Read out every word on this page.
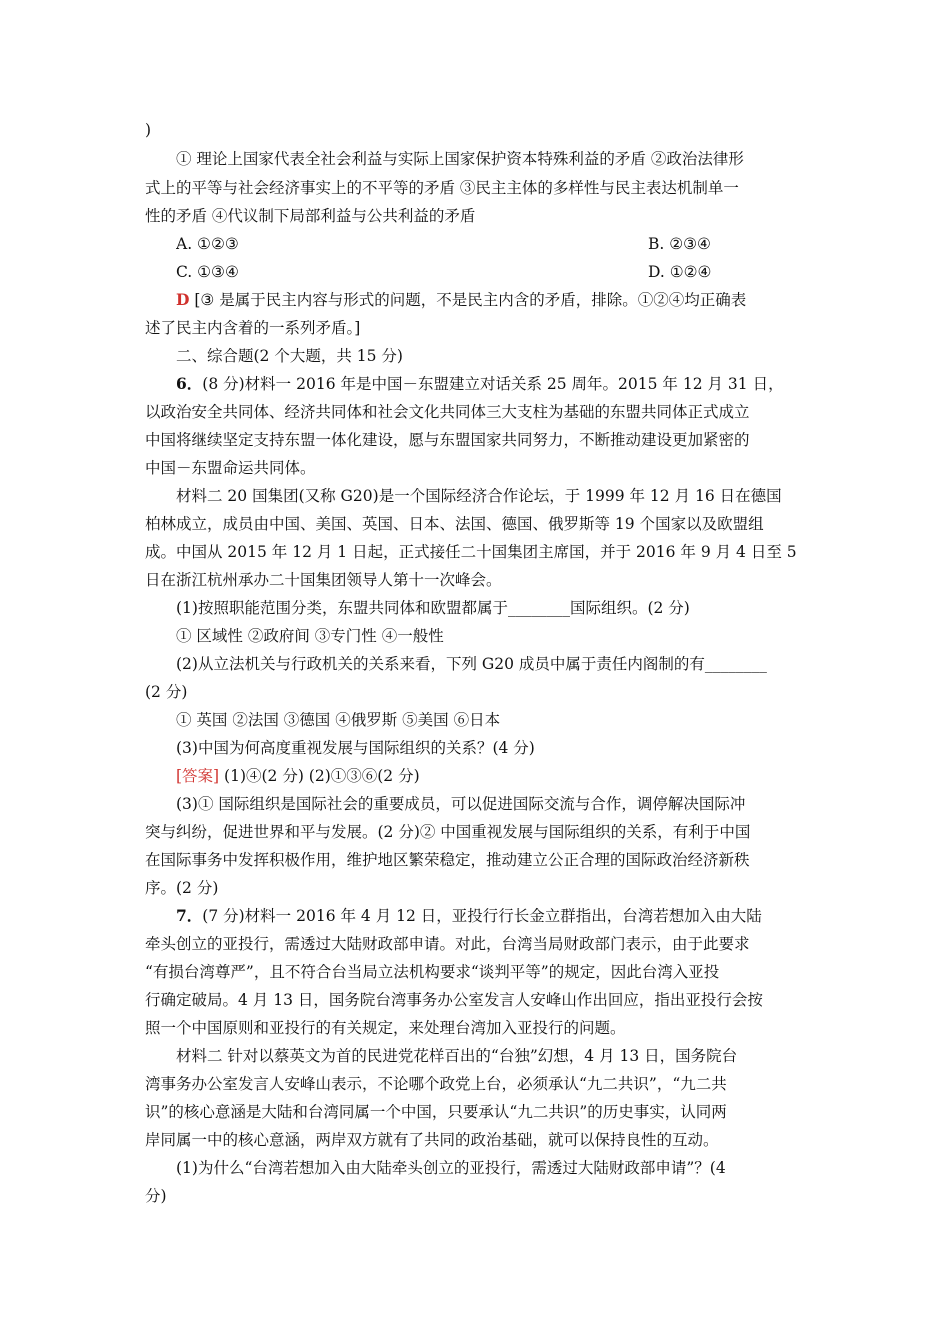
)
① 理论上国家代表全社会利益与实际上国家保护资本特殊利益的矛盾 ②政治法律形
式上的平等与社会经济事实上的不平等的矛盾 ③民主主体的多样性与民主表达机制单一
性的矛盾 ④代议制下局部利益与公共利益的矛盾
A. ①②③	B. ②③④
C. ①③④	D. ①②④
D [③ 是属于民主内容与形式的问题，不是民主内含的矛盾，排除。①②④均正确表
述了民主内含着的一系列矛盾。]
二、综合题(2 个大题，共 15 分)
6．(8 分)材料一 2016 年是中国－东盟建立对话关系 25 周年。2015 年 12 月 31 日，
以政治安全共同体、经济共同体和社会文化共同体三大支柱为基础的东盟共同体正式成立
中国将继续坚定支持东盟一体化建设，愿与东盟国家共同努力，不断推动建设更加紧密的
中国－东盟命运共同体。
材料二 20 国集团(又称 G20)是一个国际经济合作论坛，于 1999 年 12 月 16 日在德国
柏林成立，成员由中国、美国、英国、日本、法国、德国、俄罗斯等 19 个国家以及欧盟组
成。中国从 2015 年 12 月 1 日起，正式接任二十国集团主席国，并于 2016 年 9 月 4 日至 5
日在浙江杭州承办二十国集团领导人第十一次峰会。
(1)按照职能范围分类，东盟共同体和欧盟都属于________国际组织。(2 分)
① 区域性 ②政府间 ③专门性 ④一般性
(2)从立法机关与行政机关的关系来看，下列 G20 成员中属于责任内阁制的有________
(2 分)
① 英国 ②法国 ③德国 ④俄罗斯 ⑤美国 ⑥日本
(3)中国为何高度重视发展与国际组织的关系？(4 分)
[答案] (1)④(2 分) (2)①③⑥(2 分)
(3)① 国际组织是国际社会的重要成员，可以促进国际交流与合作，调停解决国际冲
突与纠纷，促进世界和平与发展。(2 分)② 中国重视发展与国际组织的关系，有利于中国
在国际事务中发挥积极作用，维护地区繁荣稳定，推动建立公正合理的国际政治经济新秩
序。(2 分)
7．(7 分)材料一 2016 年 4 月 12 日，亚投行行长金立群指出，台湾若想加入由大陆
牵头创立的亚投行，需透过大陆财政部申请。对此，台湾当局财政部门表示，由于此要求
“有损台湾尊严”，且不符合台当局立法机构要求“谈判平等”的规定，因此台湾入亚投
行确定破局。4 月 13 日，国务院台湾事务办公室发言人安峰山作出回应，指出亚投行会按
照一个中国原则和亚投行的有关规定，来处理台湾加入亚投行的问题。
材料二 针对以蔡英文为首的民进党花样百出的“台独”幻想，4 月 13 日，国务院台
湾事务办公室发言人安峰山表示，不论哪个政党上台，必须承认“九二共识”，“九二共
识”的核心意涵是大陆和台湾同属一个中国，只要承认“九二共识”的历史事实，认同两
岸同属一中的核心意涵，两岸双方就有了共同的政治基础，就可以保持良性的互动。
(1)为什么“台湾若想加入由大陆牵头创立的亚投行，需透过大陆财政部申请”？(4
分)
